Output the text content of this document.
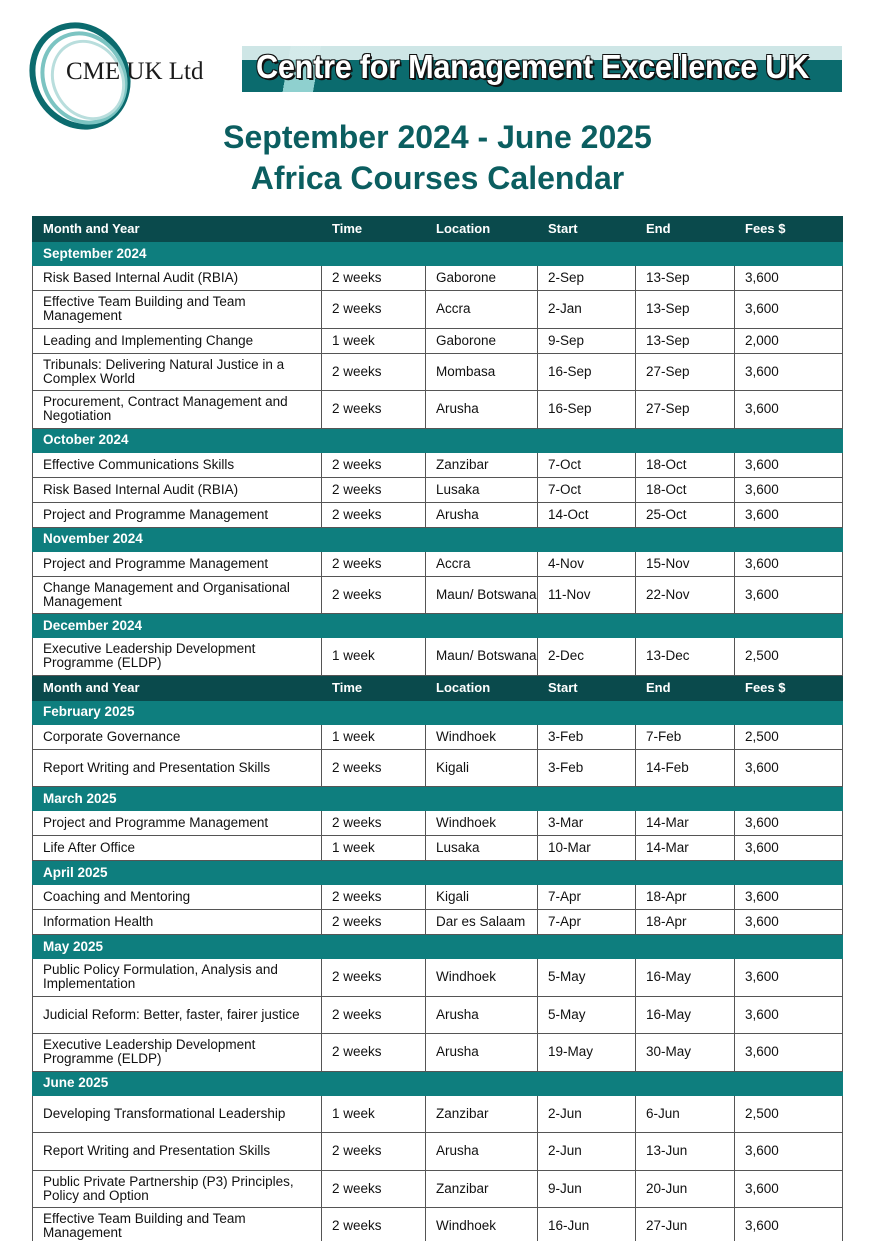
CME UK Ltd Centre for Management Excellence UK
September 2024 - June 2025
Africa Courses Calendar
Month and Year	Time	Location	Start	End	Fees $
September 2024					
Risk Based Internal Audit (RBIA)	2 weeks	Gaborone	2-Sep	13-Sep	3,600
Effective Team Building and Team Management	2 weeks	Accra	2-Jan	13-Sep	3,600
Leading and Implementing Change	1 week	Gaborone	9-Sep	13-Sep	2,000
Tribunals: Delivering Natural Justice in a Complex World	2 weeks	Mombasa	16-Sep	27-Sep	3,600
Procurement, Contract Management and Negotiation	2 weeks	Arusha	16-Sep	27-Sep	3,600
October 2024					
Effective Communications Skills	2 weeks	Zanzibar	7-Oct	18-Oct	3,600
Risk Based Internal Audit (RBIA)	2 weeks	Lusaka	7-Oct	18-Oct	3,600
Project and Programme Management	2 weeks	Arusha	14-Oct	25-Oct	3,600
November 2024					
Project and Programme Management	2 weeks	Accra	4-Nov	15-Nov	3,600
Change Management and Organisational Management	2 weeks	Maun/ Botswana	11-Nov	22-Nov	3,600
December 2024					
Executive Leadership Development Programme (ELDP)	1 week	Maun/ Botswana	2-Dec	13-Dec	2,500
Month and Year	Time	Location	Start	End	Fees $
February 2025					
Corporate Governance	1 week	Windhoek	3-Feb	7-Feb	2,500
Report Writing and Presentation Skills	2 weeks	Kigali	3-Feb	14-Feb	3,600
March 2025					
Project and Programme Management	2 weeks	Windhoek	3-Mar	14-Mar	3,600
Life After Office	1 week	Lusaka	10-Mar	14-Mar	3,600
April 2025					
Coaching and Mentoring	2 weeks	Kigali	7-Apr	18-Apr	3,600
Information Health	2 weeks	Dar es Salaam	7-Apr	18-Apr	3,600
May 2025					
Public Policy Formulation, Analysis and Implementation	2 weeks	Windhoek	5-May	16-May	3,600
Judicial Reform: Better, faster, fairer justice	2 weeks	Arusha	5-May	16-May	3,600
Executive Leadership Development Programme (ELDP)	2 weeks	Arusha	19-May	30-May	3,600
June 2025					
Developing Transformational Leadership	1 week	Zanzibar	2-Jun	6-Jun	2,500
Report Writing and Presentation Skills	2 weeks	Arusha	2-Jun	13-Jun	3,600
Public Private Partnership (P3) Principles, Policy and Option	2 weeks	Zanzibar	9-Jun	20-Jun	3,600
Effective Team Building and Team Management	2 weeks	Windhoek	16-Jun	27-Jun	3,600
